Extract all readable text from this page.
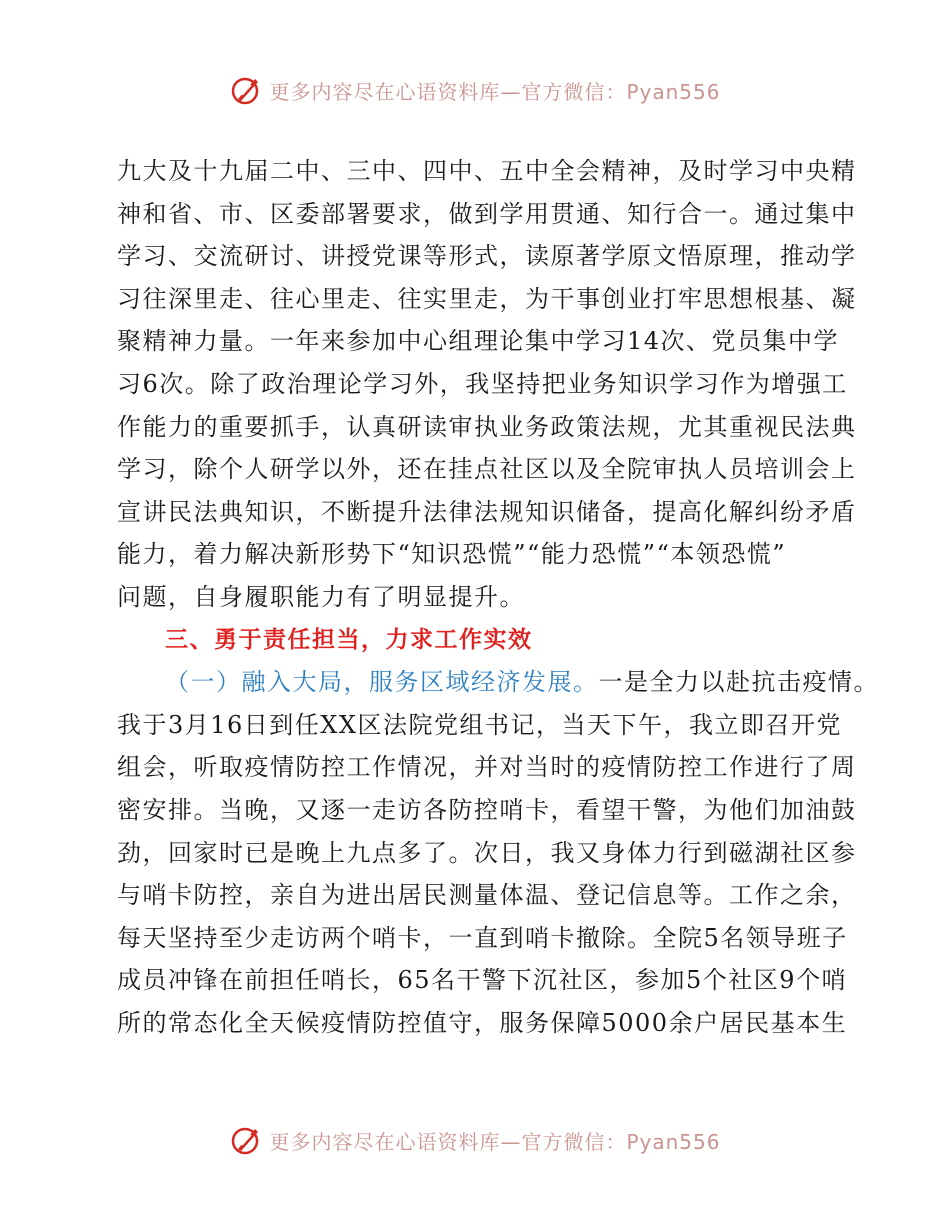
更多内容尽在心语资料库—官方微信：Pyan556
九大及十九届二中、三中、四中、五中全会精神，及时学习中央精
神和省、市、区委部署要求，做到学用贯通、知行合一。通过集中
学习、交流研讨、讲授党课等形式，读原著学原文悟原理，推动学
习往深里走、往心里走、往实里走，为干事创业打牢思想根基、凝
聚精神力量。一年来参加中心组理论集中学习14次、党员集中学
习6次。除了政治理论学习外，我坚持把业务知识学习作为增强工
作能力的重要抓手，认真研读审执业务政策法规，尤其重视民法典
学习，除个人研学以外，还在挂点社区以及全院审执人员培训会上
宣讲民法典知识，不断提升法律法规知识储备，提高化解纠纷矛盾
能力，着力解决新形势下“知识恐慌”“能力恐慌”“本领恐慌”
问题，自身履职能力有了明显提升。
三、勇于责任担当，力求工作实效
（一）融入大局，服务区域经济发展。一是全力以赴抗击疫情。
我于3月16日到任XX区法院党组书记，当天下午，我立即召开党
组会，听取疫情防控工作情况，并对当时的疫情防控工作进行了周
密安排。当晚，又逐一走访各防控哨卡，看望干警，为他们加油鼓
劲，回家时已是晚上九点多了。次日，我又身体力行到磁湖社区参
与哨卡防控，亲自为进出居民测量体温、登记信息等。工作之余，
每天坚持至少走访两个哨卡，一直到哨卡撤除。全院5名领导班子
成员冲锋在前担任哨长，65名干警下沉社区，参加5个社区9个哨
所的常态化全天候疫情防控值守，服务保障5000余户居民基本生
更多内容尽在心语资料库—官方微信：Pyan556
